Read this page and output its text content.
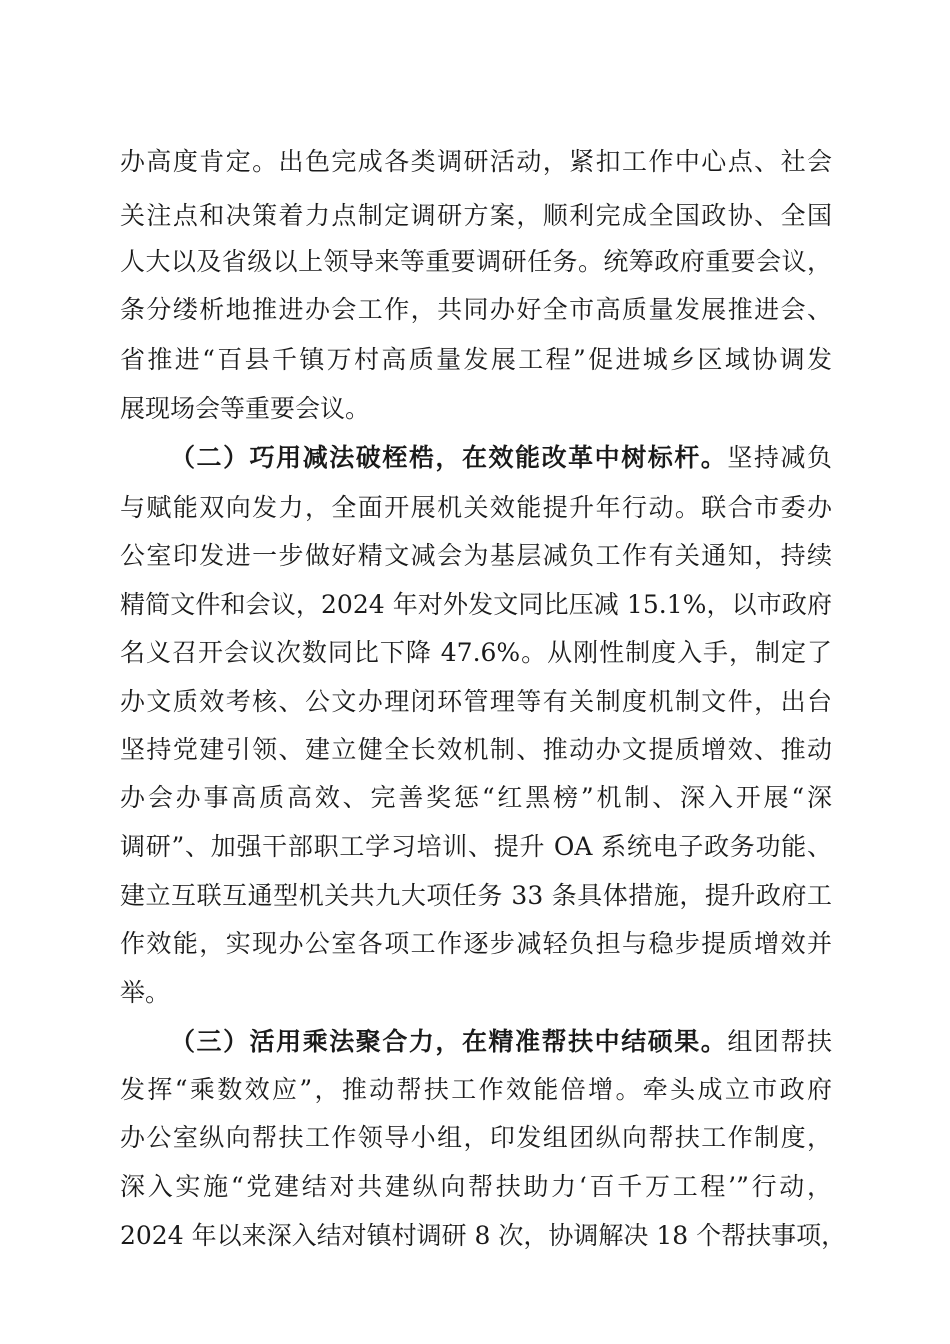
办高度肯定。出色完成各类调研活动，紧扣工作中心点、社会
关注点和决策着力点制定调研方案，顺利完成全国政协、全国
人大以及省级以上领导来等重要调研任务。统筹政府重要会议，
条分缕析地推进办会工作，共同办好全市高质量发展推进会、
省推进“百县千镇万村高质量发展工程”促进城乡区域协调发
展现场会等重要会议。
（二）巧用减法破桎梏，在效能改革中树标杆。坚持减负
与赋能双向发力，全面开展机关效能提升年行动。联合市委办
公室印发进一步做好精文减会为基层减负工作有关通知，持续
精简文件和会议，2024 年对外发文同比压减 15.1%，以市政府
名义召开会议次数同比下降 47.6%。从刚性制度入手，制定了
办文质效考核、公文办理闭环管理等有关制度机制文件，出台
坚持党建引领、建立健全长效机制、推动办文提质增效、推动
办会办事高质高效、完善奖惩“红黑榜”机制、深入开展“深
调研”、加强干部职工学习培训、提升 OA 系统电子政务功能、
建立互联互通型机关共九大项任务 33 条具体措施，提升政府工
作效能，实现办公室各项工作逐步减轻负担与稳步提质增效并
举。
（三）活用乘法聚合力，在精准帮扶中结硕果。组团帮扶
发挥“乘数效应”，推动帮扶工作效能倍增。牵头成立市政府
办公室纵向帮扶工作领导小组，印发组团纵向帮扶工作制度，
深入实施“党建结对共建纵向帮扶助力‘百千万工程’”行动，
2024 年以来深入结对镇村调研 8 次，协调解决 18 个帮扶事项，
